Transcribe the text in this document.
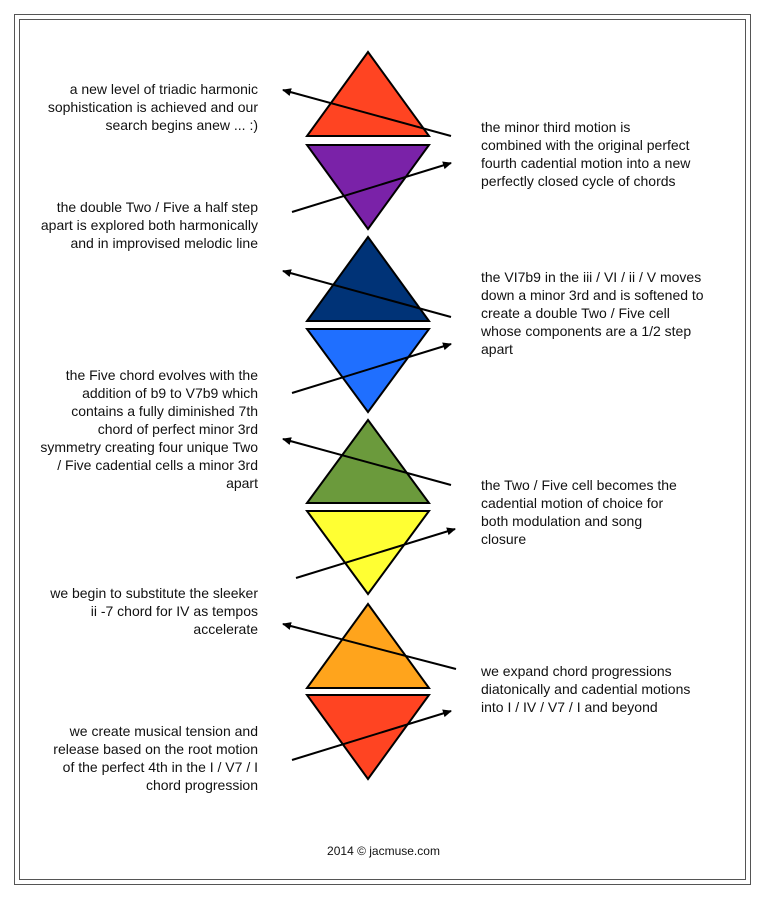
a new level of triadic harmonic sophistication is achieved and our search begins anew ... :)

the double Two / Five a half step apart is explored both harmonically and in improvised melodic line

the Five chord evolves with the addition of b9 to V7b9 which contains a fully diminished 7th chord of perfect minor 3rd symmetry creating four unique Two / Five cadential cells a minor 3rd apart

we begin to substitute the sleeker ii -7 chord for IV as tempos accelerate

we create musical tension and release based on the root motion of the perfect 4th in the I / V7 / I chord progression

the minor third motion is combined with the original perfect fourth cadential motion into a new perfectly closed cycle of chords

the VI7b9 in the iii / VI / ii / V moves down a minor 3rd and is softened to create a double Two / Five cell whose components are a 1/2 step apart

the Two / Five cell becomes the cadential motion of choice for both modulation and song closure

we expand chord progressions diatonically and cadential motions into I / IV / V7 / I and beyond

2014 © jacmuse.com
